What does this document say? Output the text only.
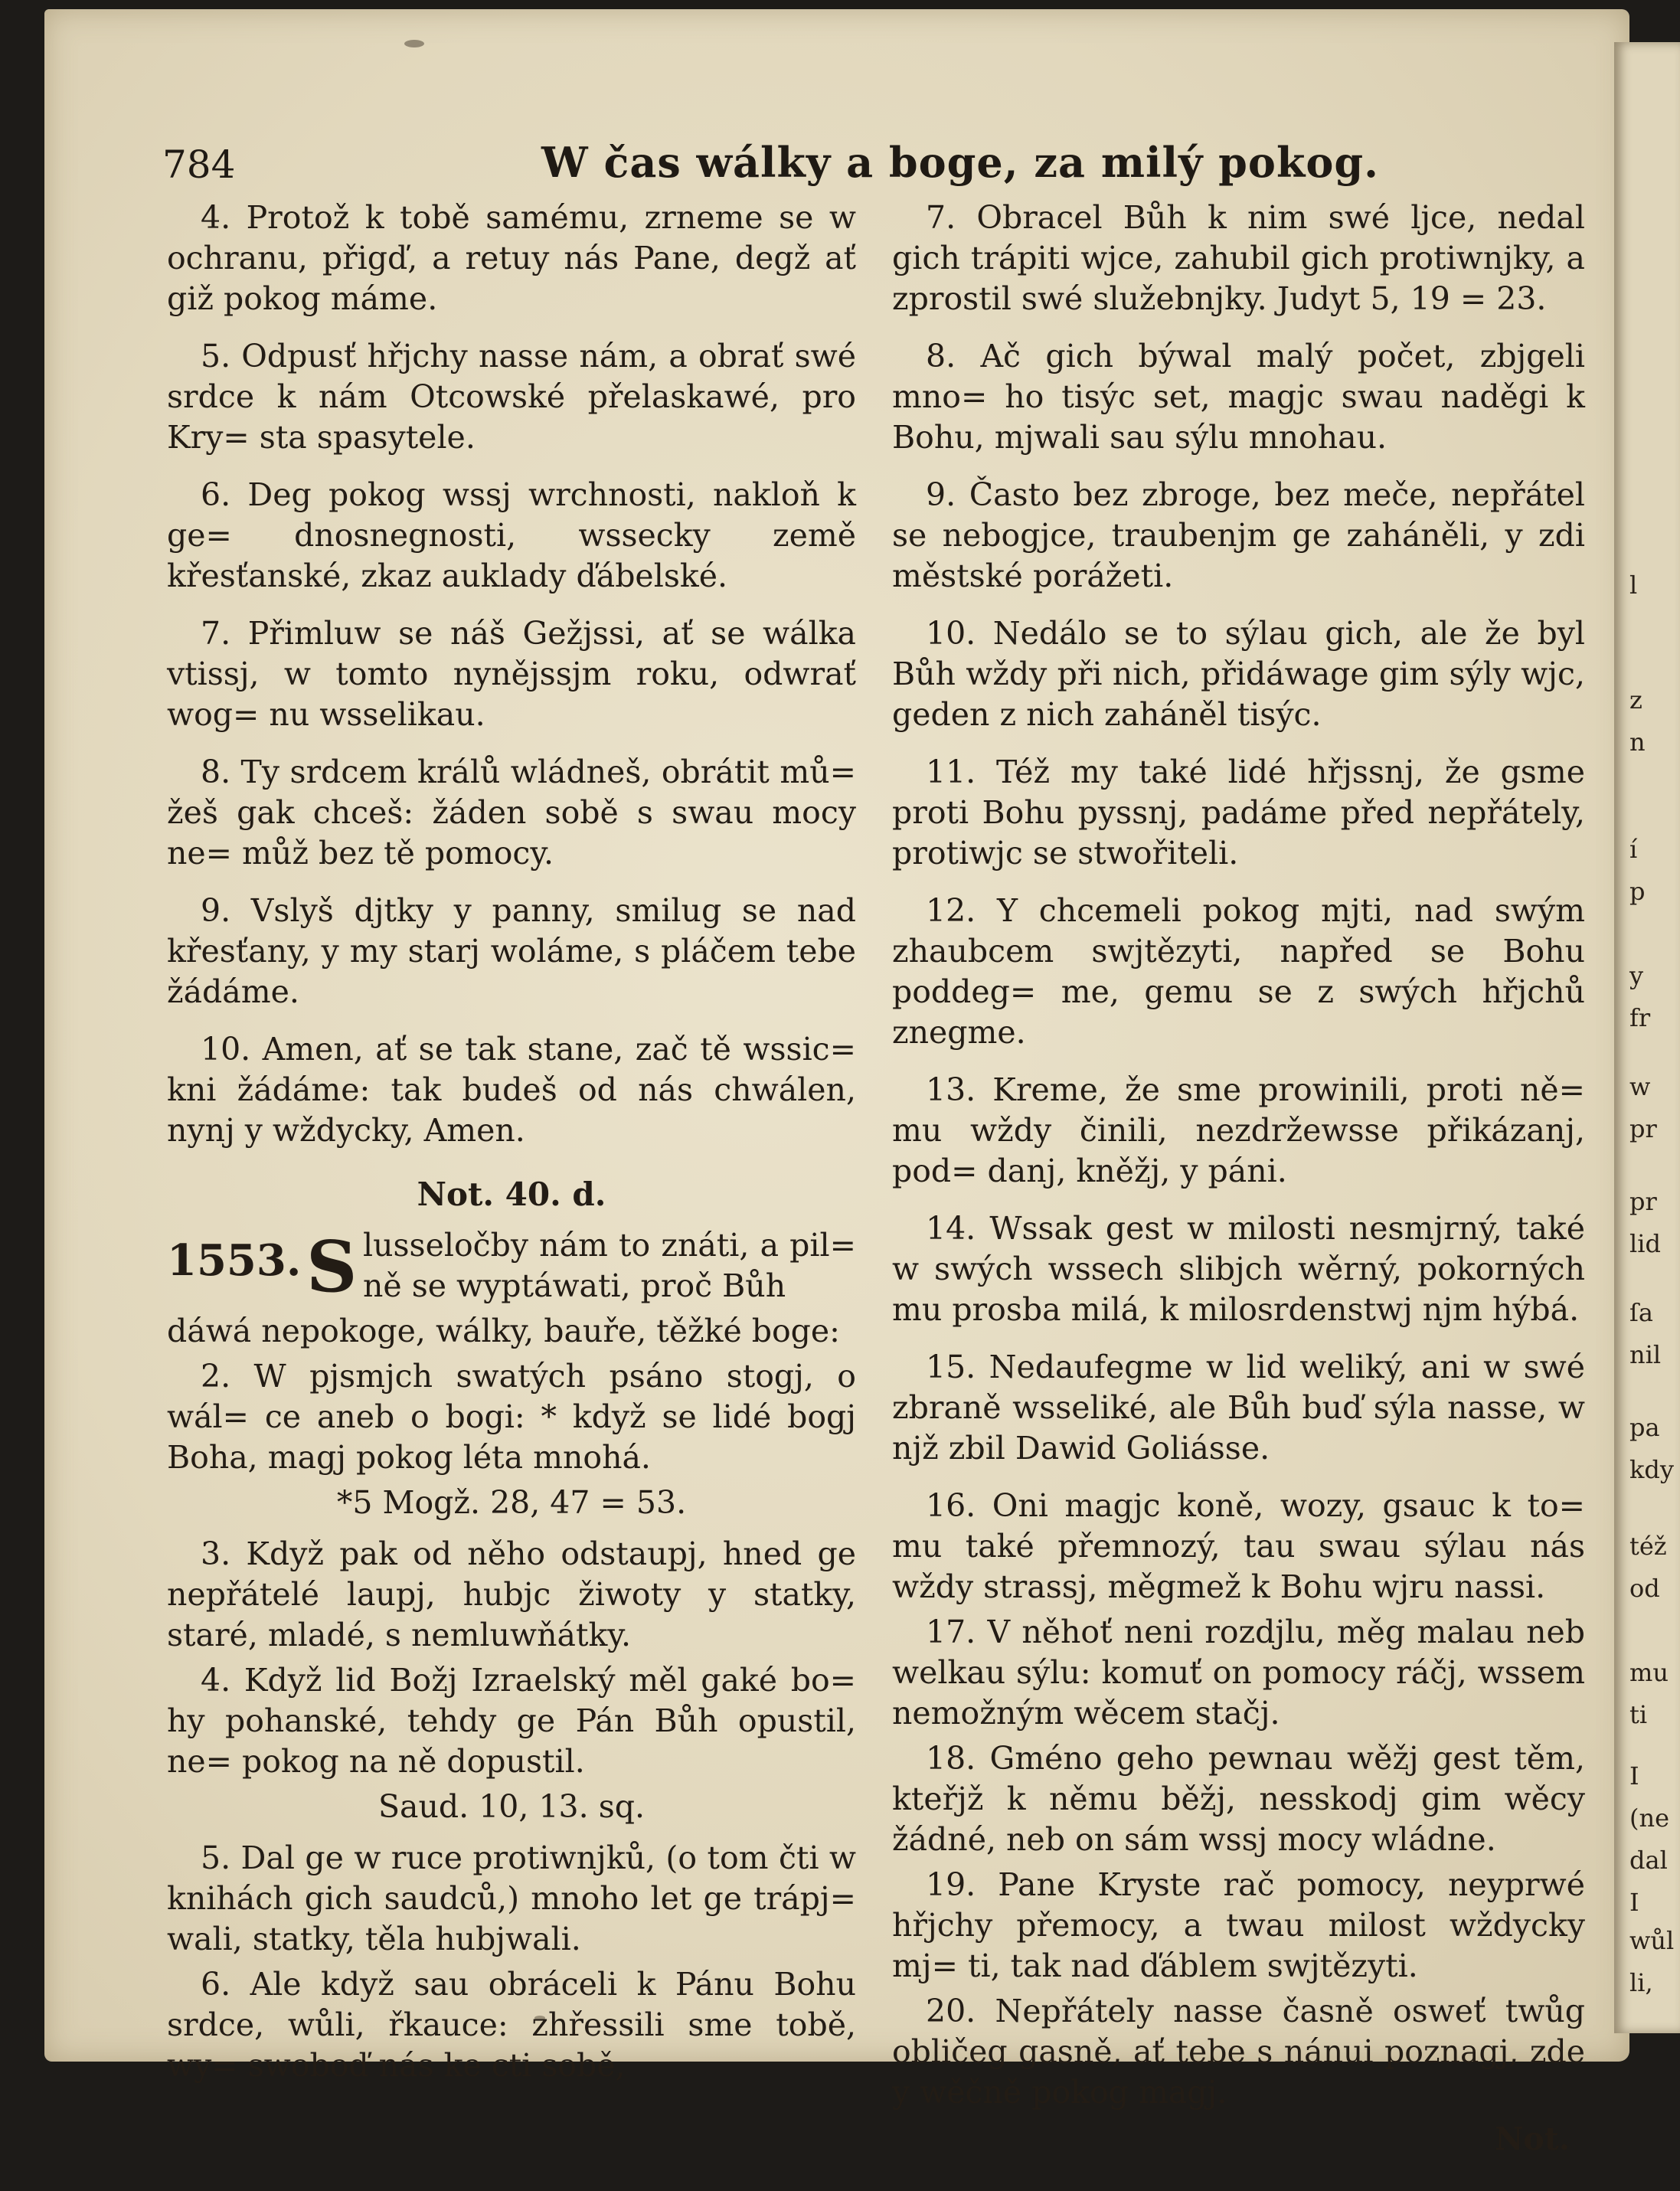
l
z
n
í
p
y
fr
w
pr
pr
lid
ſa
nil
pa
kdy
též
od
mu
ti
I
(ne
dal
I
wůl
li,
784	W čas wálky a boge, za milý pokog.

4. Protož k tobě samému, zrneme se w ochranu, přigď, a retuy nás Pane, degž ať giž pokog máme.

5. Odpusť hřjchy nasse nám, a obrať swé srdce k nám Otcowské přelaskawé, pro Kry= sta spasytele.

6. Deg pokog wssj wrchnosti, nakloň k ge= dnosnegnosti, wssecky země křesťanské, zkaz auklady ďábelské.

7. Přimluw se náš Gežjssi, ať se wálka vtissj, w tomto nynějssjm roku, odwrať wog= nu wsselikau.

8. Ty srdcem králů wládneš, obrátit mů= žeš gak chceš: žáden sobě s swau mocy ne= můž bez tě pomocy.

9. Vslyš djtky y panny, smilug se nad křesťany, y my starj woláme, s pláčem tebe žádáme.

10. Amen, ať se tak stane, zač tě wssic= kni žádáme: tak budeš od nás chwálen, nynj y wždycky, Amen.

Not. 40. d.

1553. S lusseločby nám to znáti, a pil= ně se wyptáwati, proč Bůh

dáwá nepokoge, wálky, bauře, těžké boge:

2. W pjsmjch swatých psáno stogj, o wál= ce aneb o bogi: * když se lidé bogj Boha, magj pokog léta mnohá.

*5 Mogž. 28, 47 = 53.

3. Když pak od něho odstaupj, hned ge nepřátelé laupj, hubjc žiwoty y statky, staré, mladé, s nemluwňátky.

4. Když lid Božj Izraelský měl gaké bo= hy pohanské, tehdy ge Pán Bůh opustil, ne= pokog na ně dopustil.

Saud. 10, 13. sq.

5. Dal ge w ruce protiwnjků, (o tom čti w knihách gich saudců,) mnoho let ge trápj= wali, statky, těla hubjwali.

6. Ale když sau obráceli k Pánu Bohu srdce, wůli, řkauce: zhřessili sme tobě, wy= swoboď nás ke cti sobě,

7. Obracel Bůh k nim swé ljce, nedal gich trápiti wjce, zahubil gich protiwnjky, a zprostil swé služebnjky. Judyt 5, 19 = 23.

8. Ač gich býwal malý počet, zbjgeli mno= ho tisýc set, magjc swau naděgi k Bohu, mjwali sau sýlu mnohau.

9. Často bez zbroge, bez meče, nepřátel se nebogjce, traubenjm ge zaháněli, y zdi městské porážeti.

10. Nedálo se to sýlau gich, ale že byl Bůh wždy při nich, přidáwage gim sýly wjc, geden z nich zaháněl tisýc.

11. Též my také lidé hřjssnj, že gsme proti Bohu pyssnj, padáme před nepřátely, protiwjc se stwořiteli.

12. Y chcemeli pokog mjti, nad swým zhaubcem swjtězyti, napřed se Bohu poddeg= me, gemu se z swých hřjchů znegme.

13. Kreme, že sme prowinili, proti ně= mu wždy činili, nezdržewsse přikázanj, pod= danj, kněžj, y páni.

14. Wssak gest w milosti nesmjrný, také w swých wssech slibjch wěrný, pokorných mu prosba milá, k milosrdenstwj njm hýbá.

15. Nedaufegme w lid weliký, ani w swé zbraně wsseliké, ale Bůh buď sýla nasse, w njž zbil Dawid Goliásse.

16. Oni magjc koně, wozy, gsauc k to= mu také přemnozý, tau swau sýlau nás wždy strassj, měgmež k Bohu wjru nassi.

17. V něhoť neni rozdjlu, měg malau neb welkau sýlu: komuť on pomocy ráčj, wssem nemožným wěcem stačj.

18. Gméno geho pewnau wěžj gest těm, kteřjž k němu běžj, nesskodj gim wěcy žádné, neb on sám wssj mocy wládne.

19. Pane Kryste rač pomocy, neyprwé hřjchy přemocy, a twau milost wždycky mj= ti, tak nad ďáblem swjtězyti.

20. Nepřátely nasse časně osweť twůg obličeg gasně, ať tebe s nánui poznagj, zde y wěčně pokog magj.

Not.
